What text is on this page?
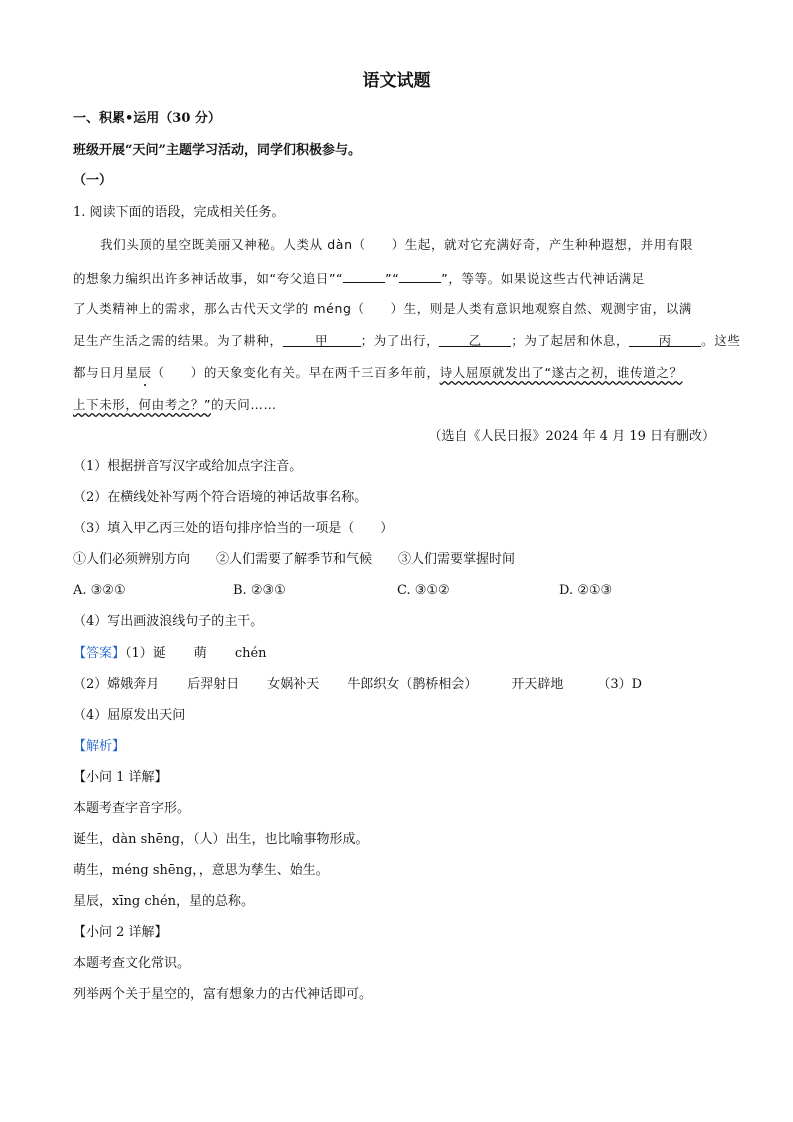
语文试题
一、积累•运用（30 分）
班级开展“天问”主题学习活动，同学们积极参与。
（一）
1. 阅读下面的语段，完成相关任务。
我们头顶的星空既美丽又神秘。人类从 dàn（ ）生起，就对它充满好奇，产生种种遐想，并用有限
的想象力编织出许多神话故事，如“夸父追日”“	”“	”，等等。如果说这些古代神话满足
了人类精神上的需求，那么古代天文学的 méng（ ）生，则是人类有意识地观察自然、观测宇宙，以满
足生产生活之需的结果。为了耕种，	甲	；为了出行， 乙 ；为了起居和休息， 丙 。这些
都与日月星辰（ ）的天象变化有关。早在两千三百多年前，诗人屈原就发出了“遂古之初，谁传道之？
上下未形，何由考之？”的天问……
（选自《人民日报》2024 年 4 月 19 日有删改）
（1）根据拼音写汉字或给加点字注音。
（2）在横线处补写两个符合语境的神话故事名称。
（3）填入甲乙丙三处的语句排序恰当的一项是（　　）
①人们必须辨别方向　　②人们需要了解季节和气候　　③人们需要掌握时间
A. ③②①	B. ②③①	C. ③①②	D. ②①③
（4）写出画波浪线句子的主干。
【答案】（1）诞 萌 chén
（2）嫦娥奔月 后羿射日 女娲补天 牛郎织女（鹊桥相会）	开天辟地	（3）D
（4）屈原发出天问
【解析】
【小问 1 详解】
本题考查字音字形。
诞生，dàn shēng，（人）出生，也比喻事物形成。
萌生，méng shēng，，意思为孳生、始生。
星辰，xīng chén，星的总称。
【小问 2 详解】
本题考查文化常识。
列举两个关于星空的，富有想象力的古代神话即可。
